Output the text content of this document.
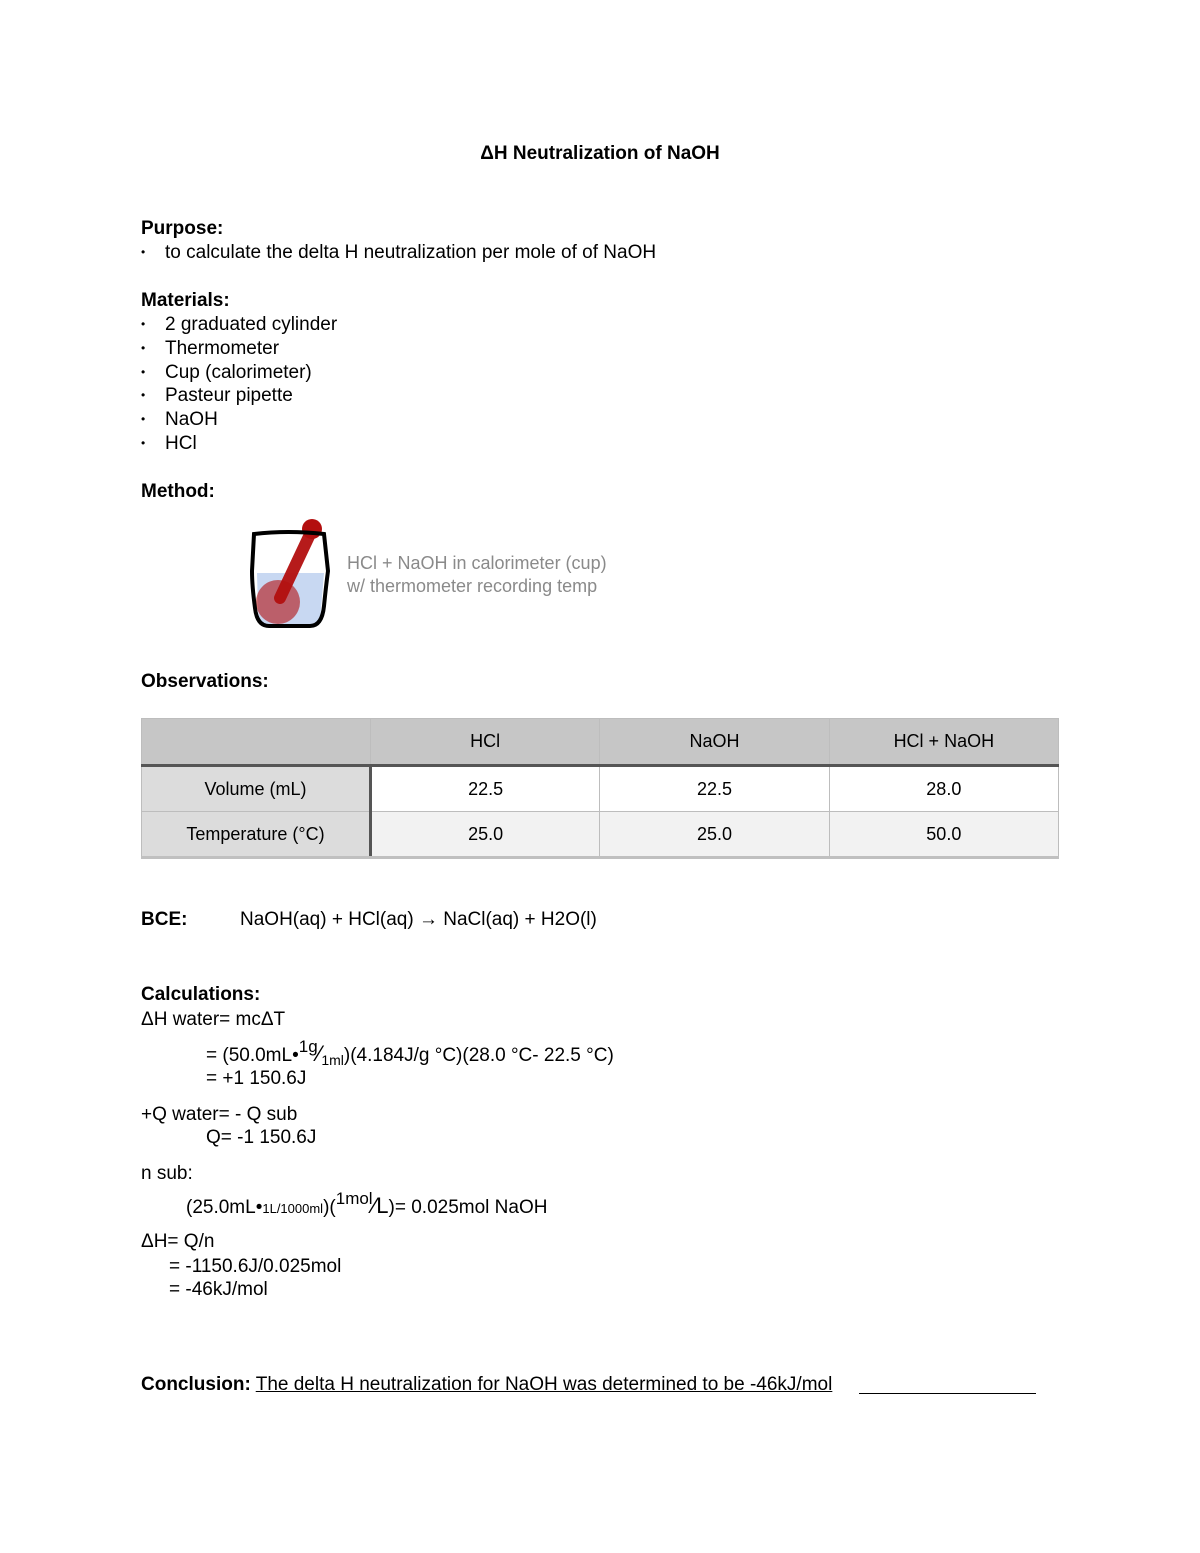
ΔH Neutralization of NaOH
Purpose:
• to calculate the delta H neutralization per mole of of NaOH
Materials:
• 2 graduated cylinder
• Thermometer
• Cup (calorimeter)
• Pasteur pipette
• NaOH
• HCl
Method:
HCl + NaOH in calorimeter (cup)
w/ thermometer recording temp
Observations:
	HCl	NaOH	HCl + NaOH
Volume (mL)	22.5	22.5	28.0
Temperature (°C)	25.0	25.0	50.0
BCE:	NaOH(aq) + HCl(aq) → NaCl(aq) + H2O(l)
Calculations:
ΔH water= mcΔT
= $(50.0mL•1g⁄_{1ml})(4.184J/g$ °C)(28.0 °C- 22.5 °C)
= +1 150.6J
+Q water= - Q sub
Q= -1 150.6J
n sub:
(25.0mL•1L/1000ml)(1mol⁄L)= 0.025mol NaOH
ΔH= Q/n
= -1150.6J/0.025mol
= -46kJ/mol
Conclusion: The delta H neutralization for NaOH was determined to be -46kJ/mol
